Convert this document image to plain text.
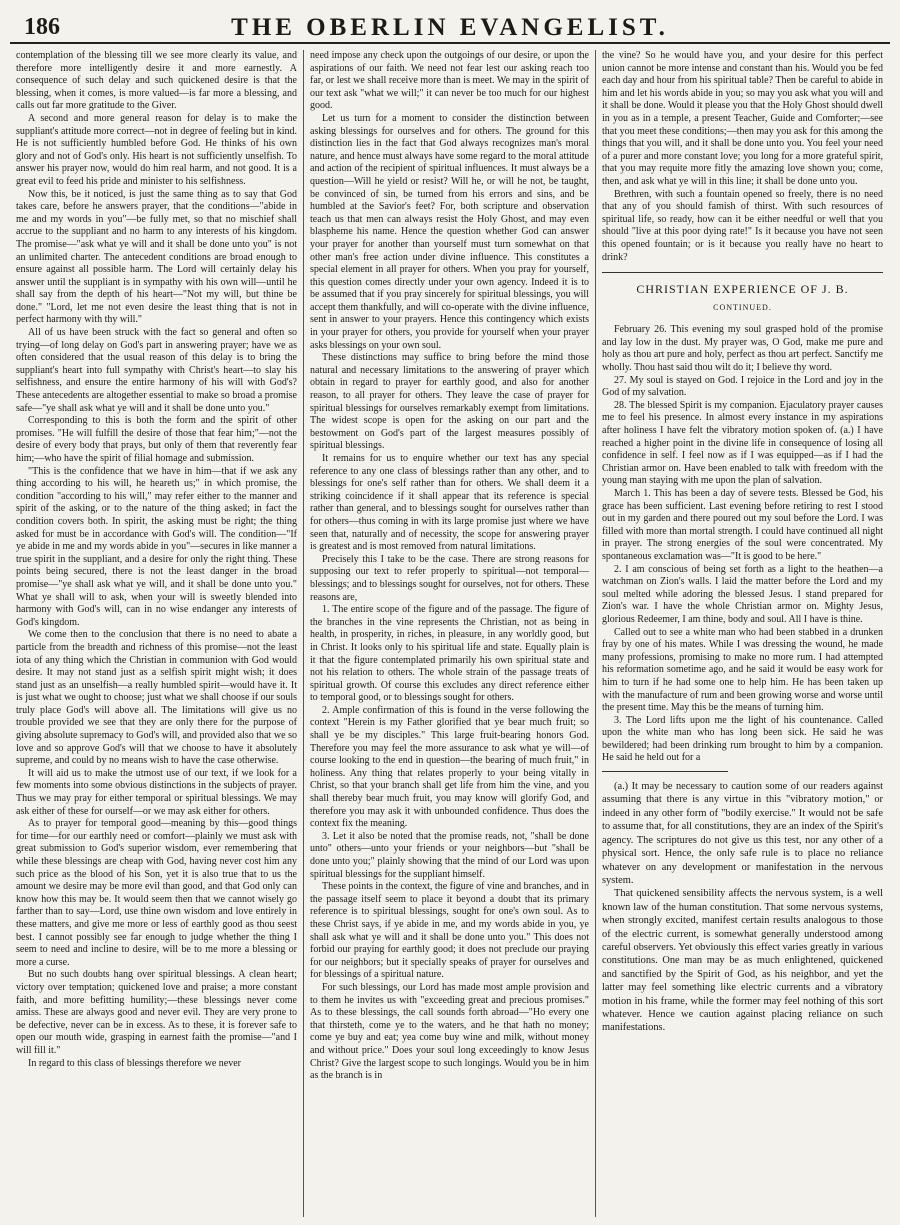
186	THE OBERLIN EVANGELIST.

contemplation of the blessing till we see more clearly its value, and therefore more intelligently desire it and more earnestly. A consequence of such delay and such quickened desire is that the blessing, when it comes, is more valued—is far more a blessing, and calls out far more gratitude to the Giver.

A second and more general reason for delay is to make the suppliant's attitude more correct—not in degree of feeling but in kind. He is not sufficiently humbled before God. He thinks of his own glory and not of God's only. His heart is not sufficiently unselfish. To answer his prayer now, would do him real harm, and not good. It is a great evil to feed his pride and minister to his selfishness.

Now this, be it noticed, is just the same thing as to say that God takes care, before he answers prayer, that the conditions—"abide in me and my words in you"—be fully met, so that no mischief shall accrue to the suppliant and no harm to any interests of his kingdom. The promise—"ask what ye will and it shall be done unto you" is not an unlimited charter. The antecedent conditions are broad enough to ensure against all possible harm. The Lord will certainly delay his answer until the suppliant is in sympathy with his own will—until he shall say from the depth of his heart—"Not my will, but thine be done." "Lord, let me not even desire the least thing that is not in perfect harmony with thy will."

All of us have been struck with the fact so general and often so trying—of long delay on God's part in answering prayer; have we as often considered that the usual reason of this delay is to bring the suppliant's heart into full sympathy with Christ's heart—to slay his selfishness, and ensure the entire harmony of his will with God's? These antecedents are altogether essential to make so broad a promise safe—"ye shall ask what ye will and it shall be done unto you."

Corresponding to this is both the form and the spirit of other promises. "He will fulfill the desire of those that fear him;"—not the desire of every body that prays, but only of them that reverently fear him;—who have the spirit of filial homage and submission.

"This is the confidence that we have in him—that if we ask any thing according to his will, he heareth us;" in which promise, the condition "according to his will," may refer either to the manner and spirit of the asking, or to the nature of the thing asked; in fact the condition covers both. In spirit, the asking must be right; the thing asked for must be in accordance with God's will. The condition—"If ye abide in me and my words abide in you"—secures in like manner a true spirit in the suppliant, and a desire for only the right thing. These points being secured, there is not the least danger in the broad promise—"ye shall ask what ye will, and it shall be done unto you." What ye shall will to ask, when your will is sweetly blended into harmony with God's will, can in no wise endanger any interests of God's kingdom.

We come then to the conclusion that there is no need to abate a particle from the breadth and richness of this promise—not the least iota of any thing which the Christian in communion with God would desire. It may not stand just as a selfish spirit might wish; it does stand just as an unselfish—a really humbled spirit—would have it. It is just what we ought to choose; just what we shall choose if our souls truly place God's will above all. The limitations will give us no trouble provided we see that they are only there for the purpose of giving absolute supremacy to God's will, and provided also that we so love and so approve God's will that we choose to have it absolutely supreme, and could by no means wish to have the case otherwise.

It will aid us to make the utmost use of our text, if we look for a few moments into some obvious distinctions in the subjects of prayer. Thus we may pray for either temporal or spiritual blessings. We may ask either of these for ourself—or we may ask either for others.

As to prayer for temporal good—meaning by this—good things for time—for our earthly need or comfort—plainly we must ask with great submission to God's superior wisdom, ever remembering that while these blessings are cheap with God, having never cost him any such price as the blood of his Son, yet it is also true that to us the amount we desire may be more evil than good, and that God only can know how this may be. It would seem then that we cannot wisely go farther than to say—Lord, use thine own wisdom and love entirely in these matters, and give me more or less of earthly good as thou seest best. I cannot possibly see far enough to judge whether the thing I seem to need and incline to desire, will be to me more a blessing or more a curse.

But no such doubts hang over spiritual blessings. A clean heart; victory over temptation; quickened love and praise; a more constant faith, and more befitting humility;—these blessings never come amiss. These are always good and never evil. They are very prone to be defective, never can be in excess. As to these, it is forever safe to open our mouth wide, grasping in earnest faith the promise—"and I will fill it."

In regard to this class of blessings therefore we never

need impose any check upon the outgoings of our desire, or upon the aspirations of our faith. We need not fear lest our asking reach too far, or lest we shall receive more than is meet. We may in the spirit of our text ask "what we will;" it can never be too much for our highest good.

Let us turn for a moment to consider the distinction between asking blessings for ourselves and for others. The ground for this distinction lies in the fact that God always recognizes man's moral nature, and hence must always have some regard to the moral attitude and action of the recipient of spiritual influences. It must always be a question—Will he yield or resist? Will he, or will he not, be taught, be convinced of sin, be turned from his errors and sins, and be humbled at the Savior's feet? For, both scripture and observation teach us that men can always resist the Holy Ghost, and may even blaspheme his name. Hence the question whether God can answer your prayer for another than yourself must turn somewhat on that other man's free action under divine influence. This constitutes a special element in all prayer for others. When you pray for yourself, this question comes directly under your own agency. Indeed it is to be assumed that if you pray sincerely for spiritual blessings, you will accept them thankfully, and will co-operate with the divine influence, sent in answer to your prayers. Hence this contingency which exists in your prayer for others, you provide for yourself when your prayer asks blessings on your own soul.

These distinctions may suffice to bring before the mind those natural and necessary limitations to the answering of prayer which obtain in regard to prayer for earthly good, and also for another reason, to all prayer for others. They leave the case of prayer for spiritual blessings for ourselves remarkably exempt from limitations. The widest scope is open for the asking on our part and the bestowment on God's part of the largest measures possibly of spiritual blessings.

It remains for us to enquire whether our text has any special reference to any one class of blessings rather than any other, and to blessings for one's self rather than for others. We shall deem it a striking coincidence if it shall appear that its reference is special rather than general, and to blessings sought for ourselves rather than for others—thus coming in with its large promise just where we have seen that, naturally and of necessity, the scope for answering prayer is greatest and is most removed from natural limitations.

Precisely this I take to be the case. There are strong reasons for supposing our text to refer properly to spiritual—not temporal—blessings; and to blessings sought for ourselves, not for others. These reasons are,

1. The entire scope of the figure and of the passage. The figure of the branches in the vine represents the Christian, not as being in health, in prosperity, in riches, in pleasure, in any worldly good, but in Christ. It looks only to his spiritual life and state. Equally plain is it that the figure contemplated primarily his own spiritual state and not his relation to others. The whole strain of the passage treats of spiritual growth. Of course this excludes any direct reference either to temporal good, or to blessings sought for others.

2. Ample confirmation of this is found in the verse following the context "Herein is my Father glorified that ye bear much fruit; so shall ye be my disciples." This large fruit-bearing honors God. Therefore you may feel the more assurance to ask what ye will—of course looking to the end in question—the bearing of much fruit," in holiness. Any thing that relates properly to your being vitally in Christ, so that your branch shall get life from him the vine, and you shall thereby bear much fruit, you may know will glorify God, and therefore you may ask it with unbounded confidence. Thus does the context fix the meaning.

3. Let it also be noted that the promise reads, not, "shall be done unto" others—unto your friends or your neighbors—but "shall be done unto you;" plainly showing that the mind of our Lord was upon spiritual blessings for the suppliant himself.

These points in the context, the figure of vine and branches, and in the passage itself seem to place it beyond a doubt that its primary reference is to spiritual blessings, sought for one's own soul. As to these Christ says, if ye abide in me, and my words abide in you, ye shall ask what ye will and it shall be done unto you." This does not forbid our praying for earthly good; it does not preclude our praying for our neighbors; but it specially speaks of prayer for ourselves and for blessings of a spiritual nature.

For such blessings, our Lord has made most ample provision and to them he invites us with "exceeding great and precious promises." As to these blessings, the call sounds forth abroad—"Ho every one that thirsteth, come ye to the waters, and he that hath no money; come ye buy and eat; yea come buy wine and milk, without money and without price." Does your soul long exceedingly to know Jesus Christ? Give the largest scope to such longings. Would you be in him as the branch is in

the vine? So he would have you, and your desire for this perfect union cannot be more intense and constant than his. Would you be fed each day and hour from his spiritual table? Then be careful to abide in him and let his words abide in you; so may you ask what you will and it shall be done. Would it please you that the Holy Ghost should dwell in you as in a temple, a present Teacher, Guide and Comforter;—see that you meet these conditions;—then may you ask for this among the things that you will, and it shall be done unto you. You feel your need of a purer and more constant love; you long for a more grateful spirit, that you may requite more fitly the amazing love shown you; come, then, and ask what ye will in this line; it shall be done unto you.

Brethren, with such a fountain opened so freely, there is no need that any of you should famish of thirst. With such resources of spiritual life, so ready, how can it be either needful or well that you should "live at this poor dying rate!" Is it because you have not seen this opened fountain; or is it because you really have no heart to drink?

CHRISTIAN EXPERIENCE OF J. B.
CONTINUED.

February 26. This evening my soul grasped hold of the promise and lay low in the dust. My prayer was, O God, make me pure and holy as thou art pure and holy, perfect as thou art perfect. Sanctify me wholly. Thou hast said thou wilt do it; I believe thy word.

27. My soul is stayed on God. I rejoice in the Lord and joy in the God of my salvation.

28. The blessed Spirit is my companion. Ejaculatory prayer causes me to feel his presence. In almost every instance in my aspirations after holiness I have felt the vibratory motion spoken of. (a.) I have reached a higher point in the divine life in consequence of losing all confidence in self. I feel now as if I was equipped—as if I had the Christian armor on. Have been enabled to talk with freedom with the young man staying with me upon the plan of salvation.

March 1. This has been a day of severe tests. Blessed be God, his grace has been sufficient. Last evening before retiring to rest I stood out in my garden and there poured out my soul before the Lord. I was filled with more than mortal strength. I could have continued all night in prayer. The strong energies of the soul were concentrated. My spontaneous exclamation was—"It is good to be here."

2. I am conscious of being set forth as a light to the heathen—a watchman on Zion's walls. I laid the matter before the Lord and my soul melted while adoring the blessed Jesus. I stand prepared for Zion's war. I have the whole Christian armor on. Mighty Jesus, glorious Redeemer, I am thine, body and soul. All I have is thine.

Called out to see a white man who had been stabbed in a drunken fray by one of his mates. While I was dressing the wound, he made many professions, promising to make no more rum. I had attempted his reformation sometime ago, and he said it would be easy work for him to turn if he had some one to help him. He has been taken up with the manufacture of rum and been growing worse and worse until the present time. May this be the means of turning him.

3. The Lord lifts upon me the light of his countenance. Called upon the white man who has long been sick. He said he was bewildered; had been drinking rum brought to him by a companion. He said he held out for a

(a.) It may be necessary to caution some of our readers against assuming that there is any virtue in this "vibratory motion," or indeed in any other form of "bodily exercise." It would not be safe to assume that, for all constitutions, they are an index of the Spirit's agency. The scriptures do not give us this test, nor any other of a physical sort. Hence, the only safe rule is to place no reliance whatever on any development or manifestation in the nervous system.

That quickened sensibility affects the nervous system, is a well known law of the human constitution. That some nervous systems, when strongly excited, manifest certain results analogous to those of the electric current, is somewhat generally understood among careful observers. Yet obviously this effect varies greatly in various constitutions. One man may be as much enlightened, quickened and sanctified by the Spirit of God, as his neighbor, and yet the latter may feel something like electric currents and a vibratory motion in his frame, while the former may feel nothing of this sort whatever. Hence we caution against placing reliance on such manifestations.
